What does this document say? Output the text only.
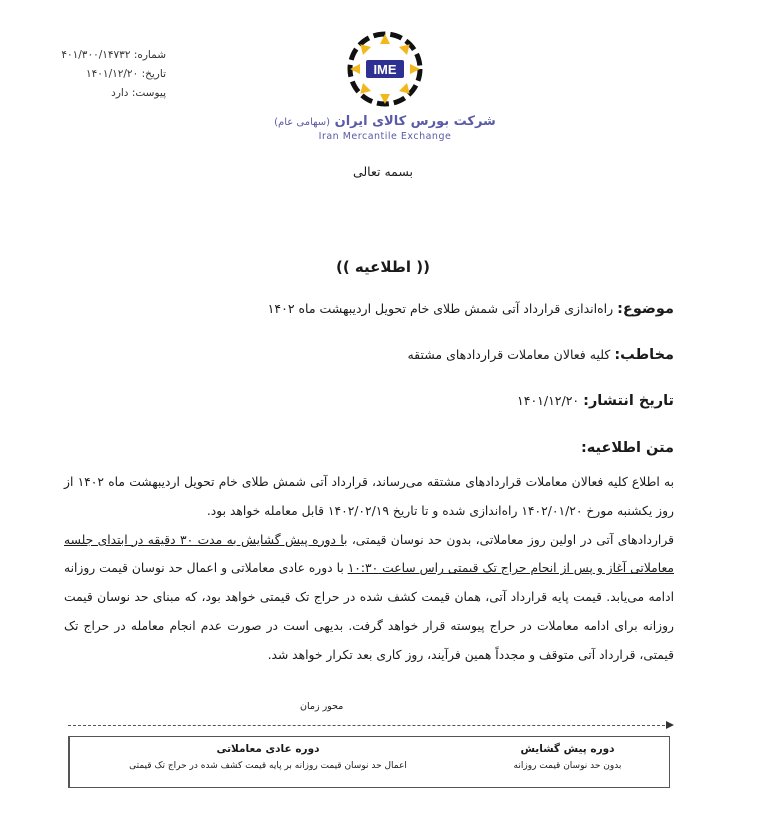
شماره: ۴۰۱/۳۰۰/۱۴۷۳۲
تاریخ: ۱۴۰۱/۱۲/۲۰
پیوست: دارد
IME
شرکت بورس کالای ایران (سهامی عام)
Iran Mercantile Exchange
بسمه تعالی
(( اطلاعیه ))
موضوع: راه‌اندازی قرارداد آتی شمش طلای خام تحویل اردیبهشت ماه ۱۴۰۲
مخاطب: کلیه فعالان معاملات قراردادهای مشتقه
تاریخ انتشار: ۱۴۰۱/۱۲/۲۰
متن اطلاعیه:

به اطلاع کلیه فعالان معاملات قراردادهای مشتقه می‌رساند، قرارداد آتی شمش طلای خام تحویل اردیبهشت ماه ۱۴۰۲ از روز یکشنبه مورخ ۱۴۰۲/۰۱/۲۰ راه‌اندازی شده و تا تاریخ ۱۴۰۲/۰۲/۱۹ قابل معامله خواهد بود.

قراردادهای آتی در اولین روز معاملاتی، بدون حد نوسان قیمتی، با دوره پیش گشایش به مدت ۳۰ دقیقه در ابتدای جلسه معاملاتی آغاز و پس از انجام حراج تک قیمتی راس ساعت ۱۰:۳۰ با دوره عادی معاملاتی و اعمال حد نوسان قیمت روزانه ادامه می‌یابد. قیمت پایه قرارداد آتی، همان قیمت کشف شده در حراج تک قیمتی خواهد بود، که مبنای حد نوسان قیمت روزانه برای ادامه معاملات در حراج پیوسته قرار خواهد گرفت. بدیهی است در صورت عدم انجام معامله در حراج تک قیمتی، قرارداد آتی متوقف و مجدداً همین فرآیند، روز کاری بعد تکرار خواهد شد.

محور زمان
دوره پیش گشایش
بدون حد نوسان قیمت روزانه
دوره عادی معاملاتی
اعمال حد نوسان قیمت روزانه بر پایه قیمت کشف شده در حراج تک قیمتی
